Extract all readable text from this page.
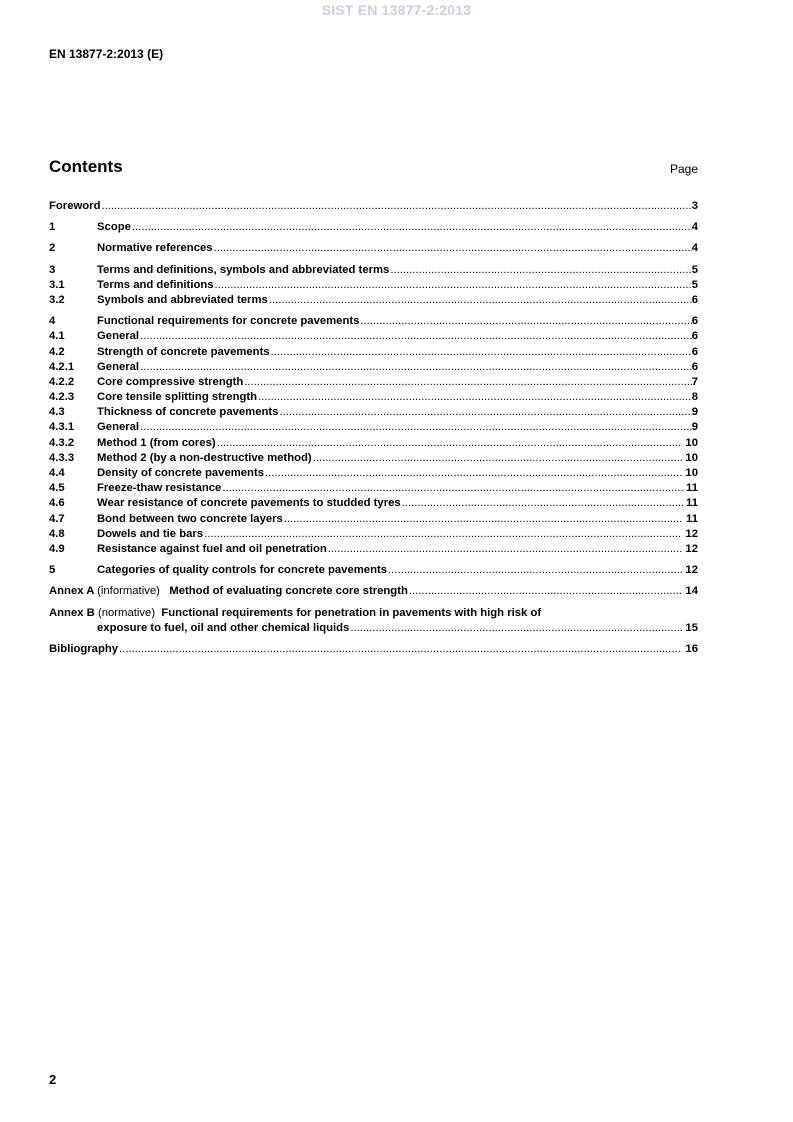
SIST EN 13877-2:2013
EN 13877-2:2013 (E)
Contents	Page
Foreword .....	3
1	Scope .....	4
2	Normative references .....	4
3	Terms and definitions, symbols and abbreviated terms .....	5
3.1	Terms and definitions .....	5
3.2	Symbols and abbreviated terms .....	6
4	Functional requirements for concrete pavements .....	6
4.1	General .....	6
4.2	Strength of concrete pavements .....	6
4.2.1	General .....	6
4.2.2	Core compressive strength .....	7
4.2.3	Core tensile splitting strength .....	8
4.3	Thickness of concrete pavements .....	9
4.3.1	General .....	9
4.3.2	Method 1 (from cores) .....	10
4.3.3	Method 2 (by a non-destructive method) .....	10
4.4	Density of concrete pavements .....	10
4.5	Freeze-thaw resistance .....	11
4.6	Wear resistance of concrete pavements to studded tyres .....	11
4.7	Bond between two concrete layers .....	11
4.8	Dowels and tie bars .....	12
4.9	Resistance against fuel and oil penetration .....	12
5	Categories of quality controls for concrete pavements .....	12
Annex A (informative) Method of evaluating concrete core strength .....	14
Annex B (normative) Functional requirements for penetration in pavements with high risk of
exposure to fuel, oil and other chemical liquids .....	15
Bibliography .....	16
2
